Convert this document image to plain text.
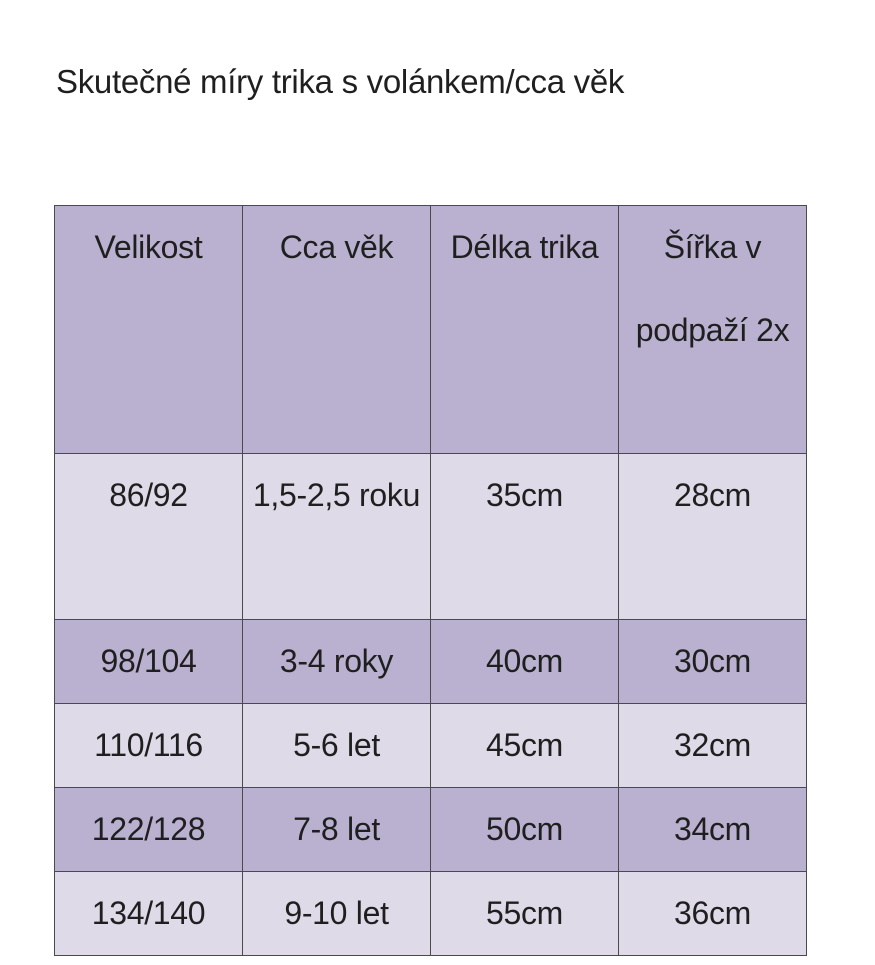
Skutečné míry trika s volánkem/cca věk
Velikost	Cca věk	Délka trika	Šířka v podpaží 2x
86/92	1,5-2,5 roku	35cm	28cm
98/104	3-4 roky	40cm	30cm
110/116	5-6 let	45cm	32cm
122/128	7-8 let	50cm	34cm
134/140	9-10 let	55cm	36cm
